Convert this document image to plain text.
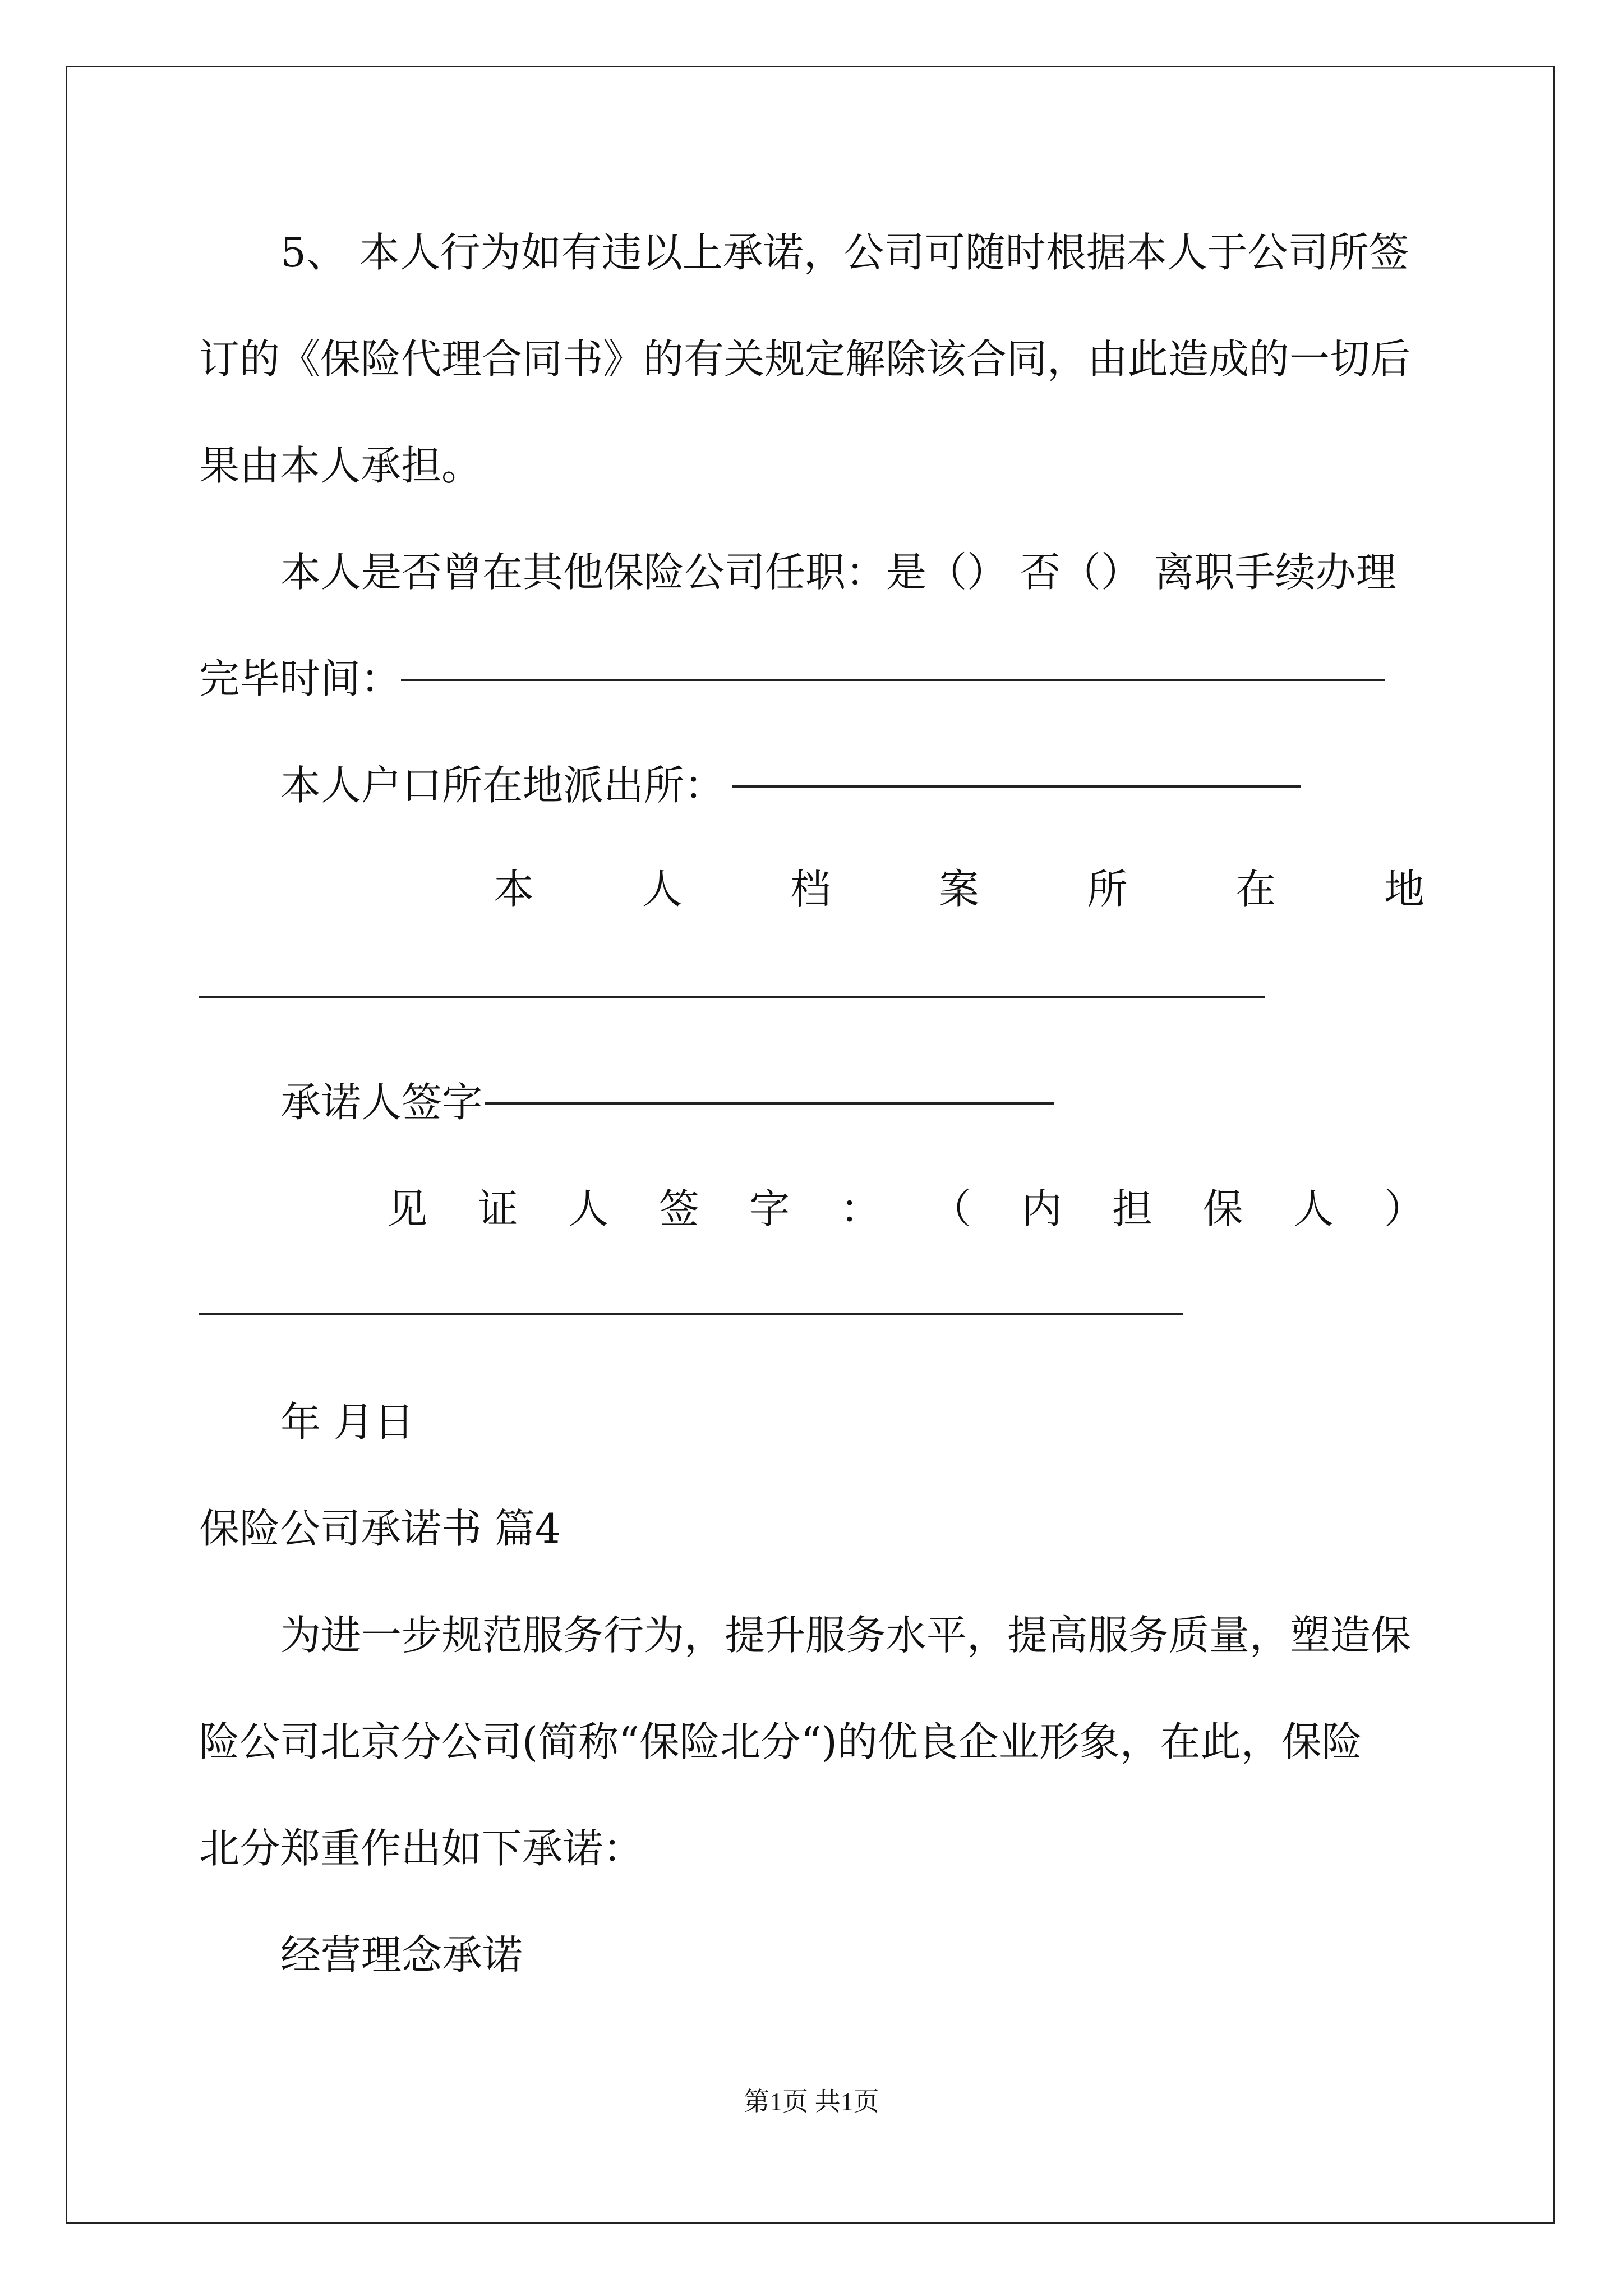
5、 本人行为如有违以上承诺，公司可随时根据本人于公司所签
订的《保险代理合同书》的有关规定解除该合同，由此造成的一切后
果由本人承担。
本人是否曾在其他保险公司任职：是（） 否（） 离职手续办理
完毕时间：
本人户口所在地派出所：
本	人	档	案	所	在	地
承诺人签字
见 证 人 签 字 ： （ 内 担 保 人 ）
年 月日
保险公司承诺书 篇4
为进一步规范服务行为，提升服务水平，提高服务质量，塑造保
险公司北京分公司(简称“保险北分“)的优良企业形象，在此，保险
北分郑重作出如下承诺：
经营理念承诺
第1页 共1页
